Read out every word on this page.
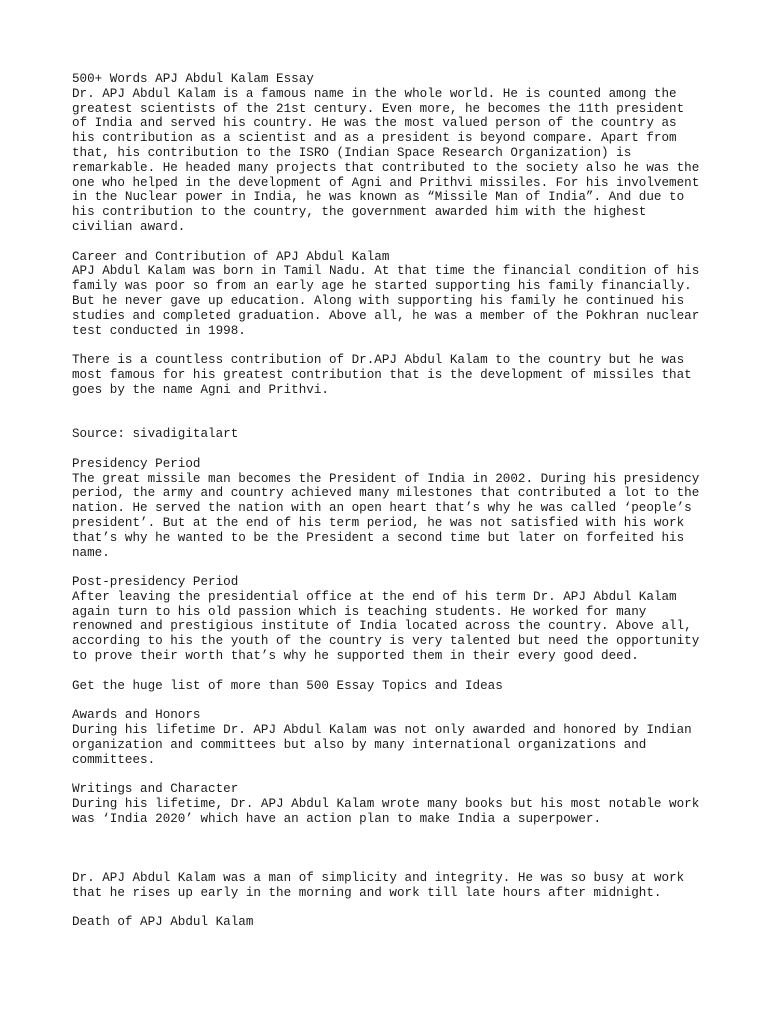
500+ Words APJ Abdul Kalam Essay
Dr. APJ Abdul Kalam is a famous name in the whole world. He is counted among the
greatest scientists of the 21st century. Even more, he becomes the 11th president
of India and served his country. He was the most valued person of the country as
his contribution as a scientist and as a president is beyond compare. Apart from
that, his contribution to the ISRO (Indian Space Research Organization) is
remarkable. He headed many projects that contributed to the society also he was the
one who helped in the development of Agni and Prithvi missiles. For his involvement
in the Nuclear power in India, he was known as “Missile Man of India”. And due to
his contribution to the country, the government awarded him with the highest
civilian award.
Career and Contribution of APJ Abdul Kalam
APJ Abdul Kalam was born in Tamil Nadu. At that time the financial condition of his
family was poor so from an early age he started supporting his family financially.
But he never gave up education. Along with supporting his family he continued his
studies and completed graduation. Above all, he was a member of the Pokhran nuclear
test conducted in 1998.
There is a countless contribution of Dr.APJ Abdul Kalam to the country but he was
most famous for his greatest contribution that is the development of missiles that
goes by the name Agni and Prithvi.
Source: sivadigitalart
Presidency Period
The great missile man becomes the President of India in 2002. During his presidency
period, the army and country achieved many milestones that contributed a lot to the
nation. He served the nation with an open heart that’s why he was called ‘people’s
president’. But at the end of his term period, he was not satisfied with his work
that’s why he wanted to be the President a second time but later on forfeited his
name.
Post-presidency Period
After leaving the presidential office at the end of his term Dr. APJ Abdul Kalam
again turn to his old passion which is teaching students. He worked for many
renowned and prestigious institute of India located across the country. Above all,
according to his the youth of the country is very talented but need the opportunity
to prove their worth that’s why he supported them in their every good deed.
Get the huge list of more than 500 Essay Topics and Ideas
Awards and Honors
During his lifetime Dr. APJ Abdul Kalam was not only awarded and honored by Indian
organization and committees but also by many international organizations and
committees.
Writings and Character
During his lifetime, Dr. APJ Abdul Kalam wrote many books but his most notable work
was ‘India 2020’ which have an action plan to make India a superpower.
Dr. APJ Abdul Kalam was a man of simplicity and integrity. He was so busy at work
that he rises up early in the morning and work till late hours after midnight.
Death of APJ Abdul Kalam
